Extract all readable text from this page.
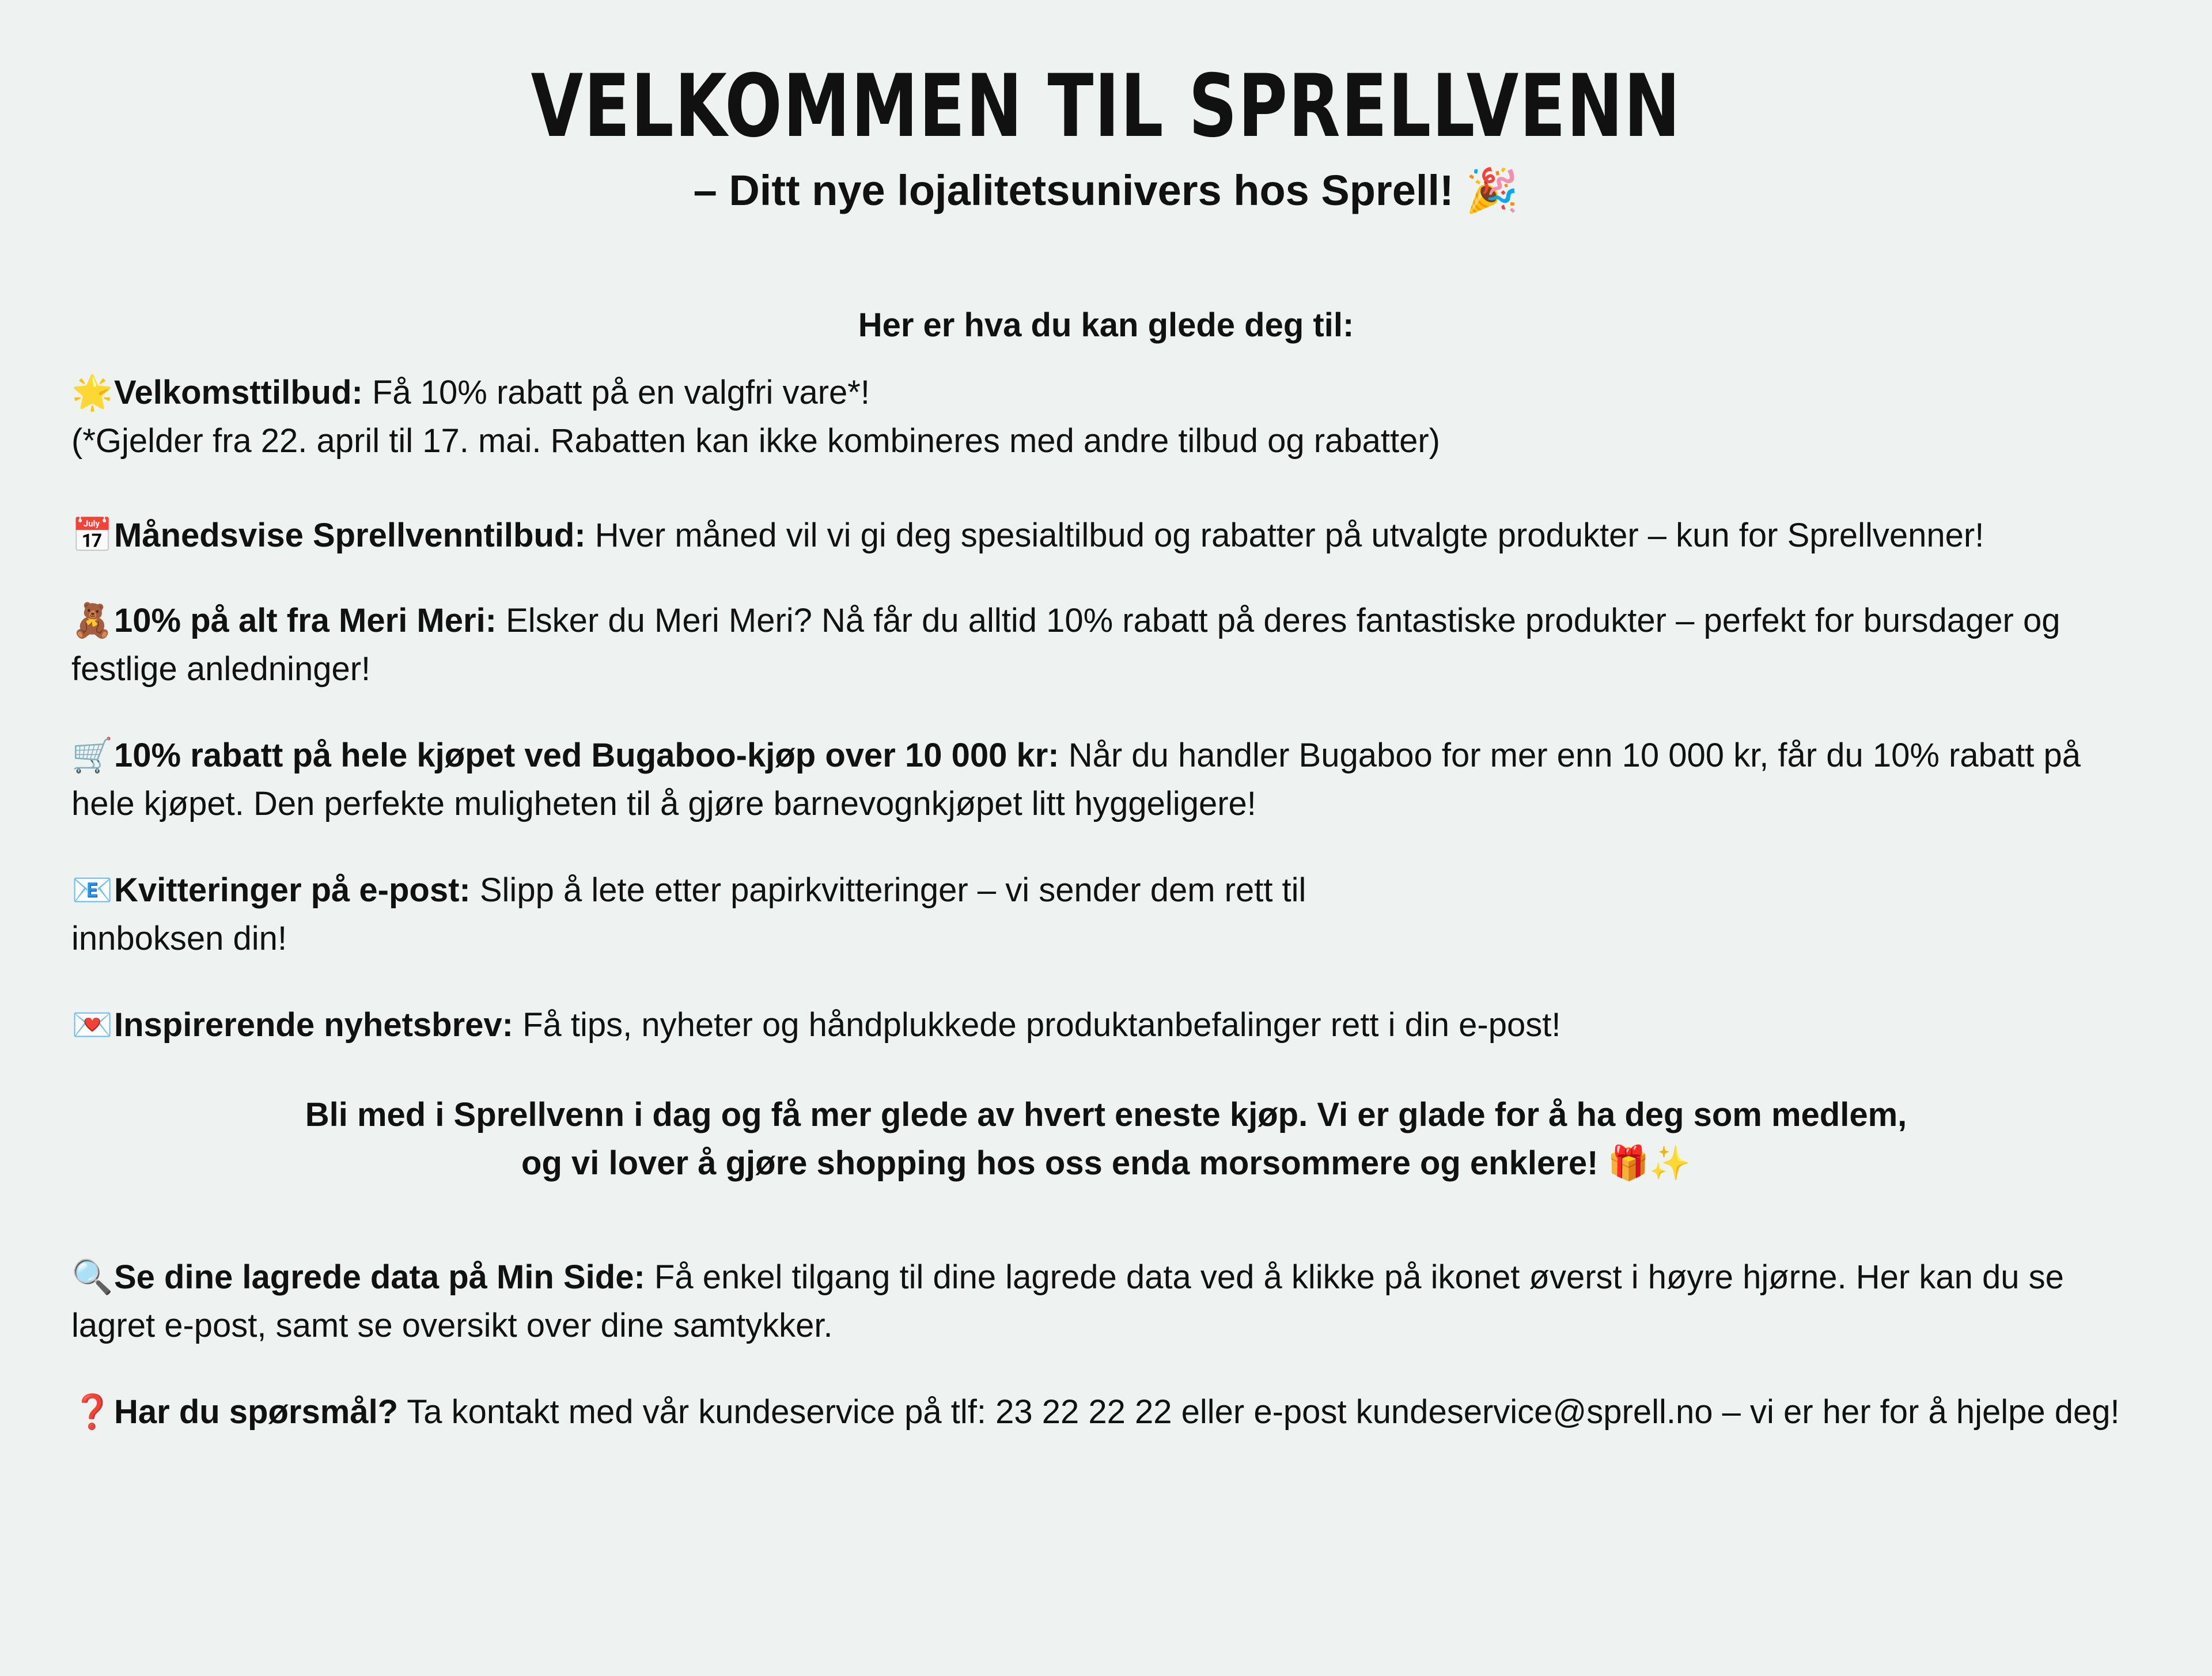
VELKOMMEN TIL SPRELLVENN
– Ditt nye lojalitetsunivers hos Sprell! 🎉
Her er hva du kan glede deg til:
🌟Velkomsttilbud: Få 10% rabatt på en valgfri vare*!
(*Gjelder fra 22. april til 17. mai. Rabatten kan ikke kombineres med andre tilbud og rabatter)
📅Månedsvise Sprellvenntilbud: Hver måned vil vi gi deg spesialtilbud og rabatter på utvalgte produkter – kun for Sprellvenner!
🧸10% på alt fra Meri Meri: Elsker du Meri Meri? Nå får du alltid 10% rabatt på deres fantastiske produkter – perfekt for bursdager og festlige anledninger!
🛒10% rabatt på hele kjøpet ved Bugaboo-kjøp over 10 000 kr: Når du handler Bugaboo for mer enn 10 000 kr, får du 10% rabatt på hele kjøpet. Den perfekte muligheten til å gjøre barnevognkjøpet litt hyggeligere!
📧Kvitteringer på e-post: Slipp å lete etter papirkvitteringer – vi sender dem rett til
innboksen din!
💌Inspirerende nyhetsbrev: Få tips, nyheter og håndplukkede produktanbefalinger rett i din e-post!
Bli med i Sprellvenn i dag og få mer glede av hvert eneste kjøp. Vi er glade for å ha deg som medlem,
og vi lover å gjøre shopping hos oss enda morsommere og enklere! 🎁✨
🔍Se dine lagrede data på Min Side: Få enkel tilgang til dine lagrede data ved å klikke på ikonet øverst i høyre hjørne. Her kan du se lagret e-post, samt se oversikt over dine samtykker.
❓Har du spørsmål? Ta kontakt med vår kundeservice på tlf: 23 22 22 22 eller e-post kundeservice@sprell.no – vi er her for å hjelpe deg!
